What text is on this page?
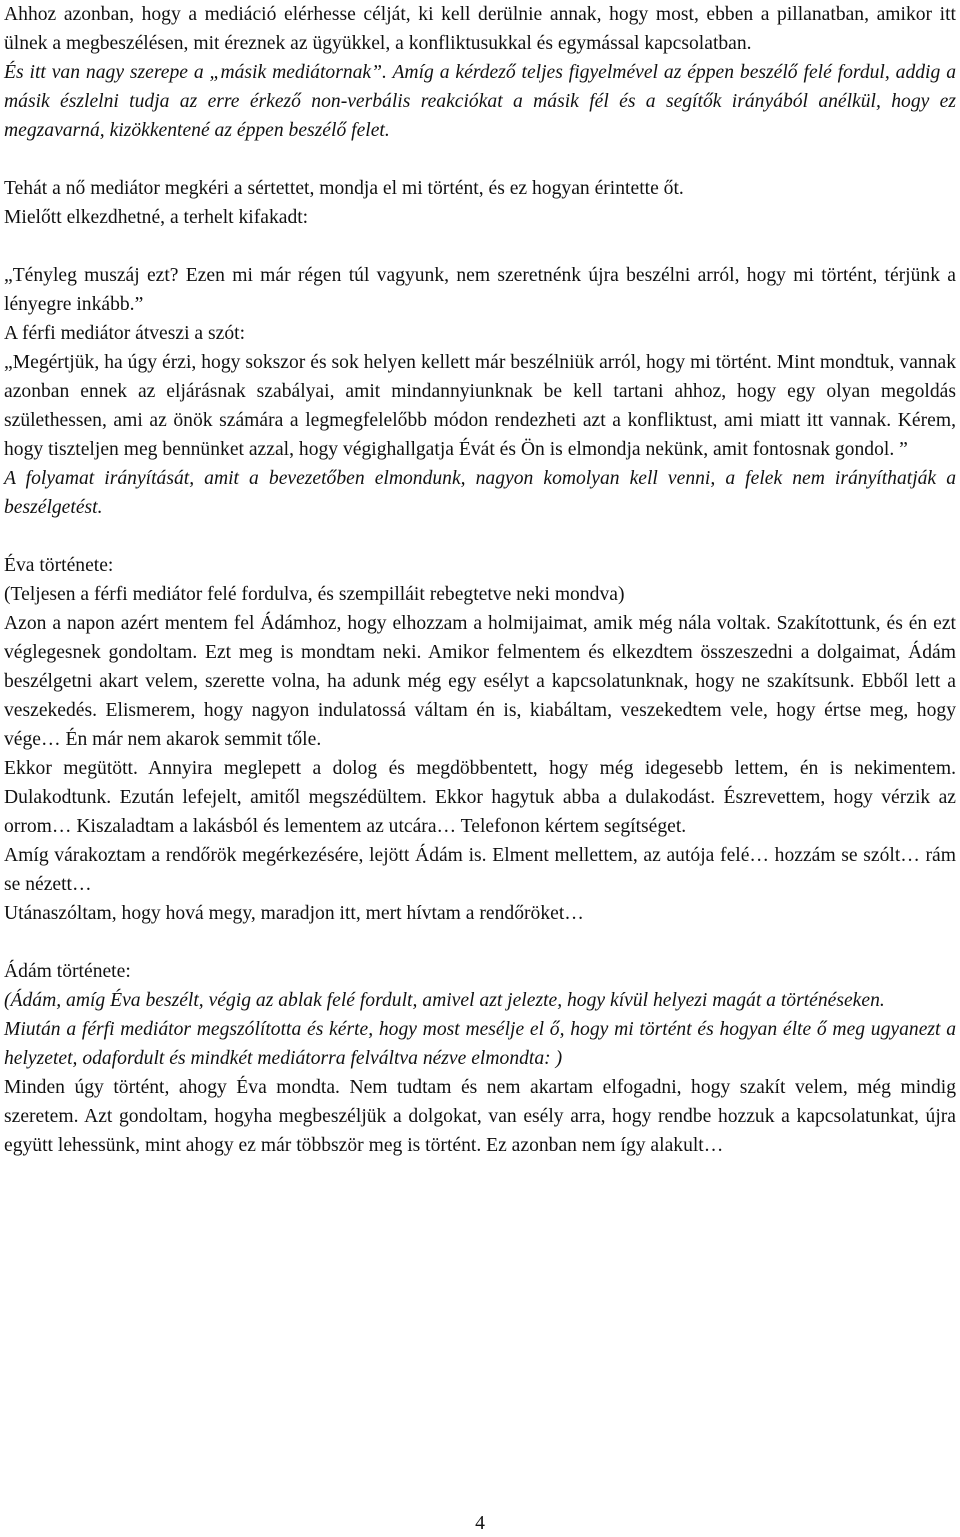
Ahhoz azonban, hogy a mediáció elérhesse célját, ki kell derülnie annak, hogy most, ebben a pillanatban, amikor itt ülnek a megbeszélésen, mit éreznek az ügyükkel, a konfliktusukkal és egymással kapcsolatban.

És itt van nagy szerepe a „másik mediátornak”. Amíg a kérdező teljes figyelmével az éppen beszélő felé fordul, addig a másik észlelni tudja az erre érkező non-verbális reakciókat a másik fél és a segítők irányából anélkül, hogy ez megzavarná, kizökkentené az éppen beszélő felet.

Tehát a nő mediátor megkéri a sértettet, mondja el mi történt, és ez hogyan érintette őt.

Mielőtt elkezdhetné, a terhelt kifakadt:

„Tényleg muszáj ezt? Ezen mi már régen túl vagyunk, nem szeretnénk újra beszélni arról, hogy mi történt, térjünk a lényegre inkább.”

A férfi mediátor átveszi a szót:

„Megértjük, ha úgy érzi, hogy sokszor és sok helyen kellett már beszélniük arról, hogy mi történt. Mint mondtuk, vannak azonban ennek az eljárásnak szabályai, amit mindannyiunknak be kell tartani ahhoz, hogy egy olyan megoldás születhessen, ami az önök számára a legmegfelelőbb módon rendezheti azt a konfliktust, ami miatt itt vannak. Kérem, hogy tiszteljen meg bennünket azzal, hogy végighallgatja Évát és Ön is elmondja nekünk, amit fontosnak gondol. ”

A folyamat irányítását, amit a bevezetőben elmondunk, nagyon komolyan kell venni, a felek nem irányíthatják a beszélgetést.

Éva története:

(Teljesen a férfi mediátor felé fordulva, és szempilláit rebegtetve neki mondva)

Azon a napon azért mentem fel Ádámhoz, hogy elhozzam a holmijaimat, amik még nála voltak. Szakítottunk, és én ezt véglegesnek gondoltam. Ezt meg is mondtam neki. Amikor felmentem és elkezdtem összeszedni a dolgaimat, Ádám beszélgetni akart velem, szerette volna, ha adunk még egy esélyt a kapcsolatunknak, hogy ne szakítsunk. Ebből lett a veszekedés. Elismerem, hogy nagyon indulatossá váltam én is, kiabáltam, veszekedtem vele, hogy értse meg, hogy vége… Én már nem akarok semmit tőle.

Ekkor megütött. Annyira meglepett a dolog és megdöbbentett, hogy még idegesebb lettem, én is nekimentem. Dulakodtunk. Ezután lefejelt, amitől megszédültem. Ekkor hagytuk abba a dulakodást. Észrevettem, hogy vérzik az orrom… Kiszaladtam a lakásból és lementem az utcára… Telefonon kértem segítséget.

Amíg várakoztam a rendőrök megérkezésére, lejött Ádám is. Elment mellettem, az autója felé… hozzám se szólt… rám se nézett…

Utánaszóltam, hogy hová megy, maradjon itt, mert hívtam a rendőröket…

Ádám története:

(Ádám, amíg Éva beszélt, végig az ablak felé fordult, amivel azt jelezte, hogy kívül helyezi magát a történéseken.

Miután a férfi mediátor megszólította és kérte, hogy most mesélje el ő, hogy mi történt és hogyan élte ő meg ugyanezt a helyzetet, odafordult és mindkét mediátorra felváltva nézve elmondta: )

Minden úgy történt, ahogy Éva mondta. Nem tudtam és nem akartam elfogadni, hogy szakít velem, még mindig szeretem. Azt gondoltam, hogyha megbeszéljük a dolgokat, van esély arra, hogy rendbe hozzuk a kapcsolatunkat, újra együtt lehessünk, mint ahogy ez már többször meg is történt. Ez azonban nem így alakult…

4
